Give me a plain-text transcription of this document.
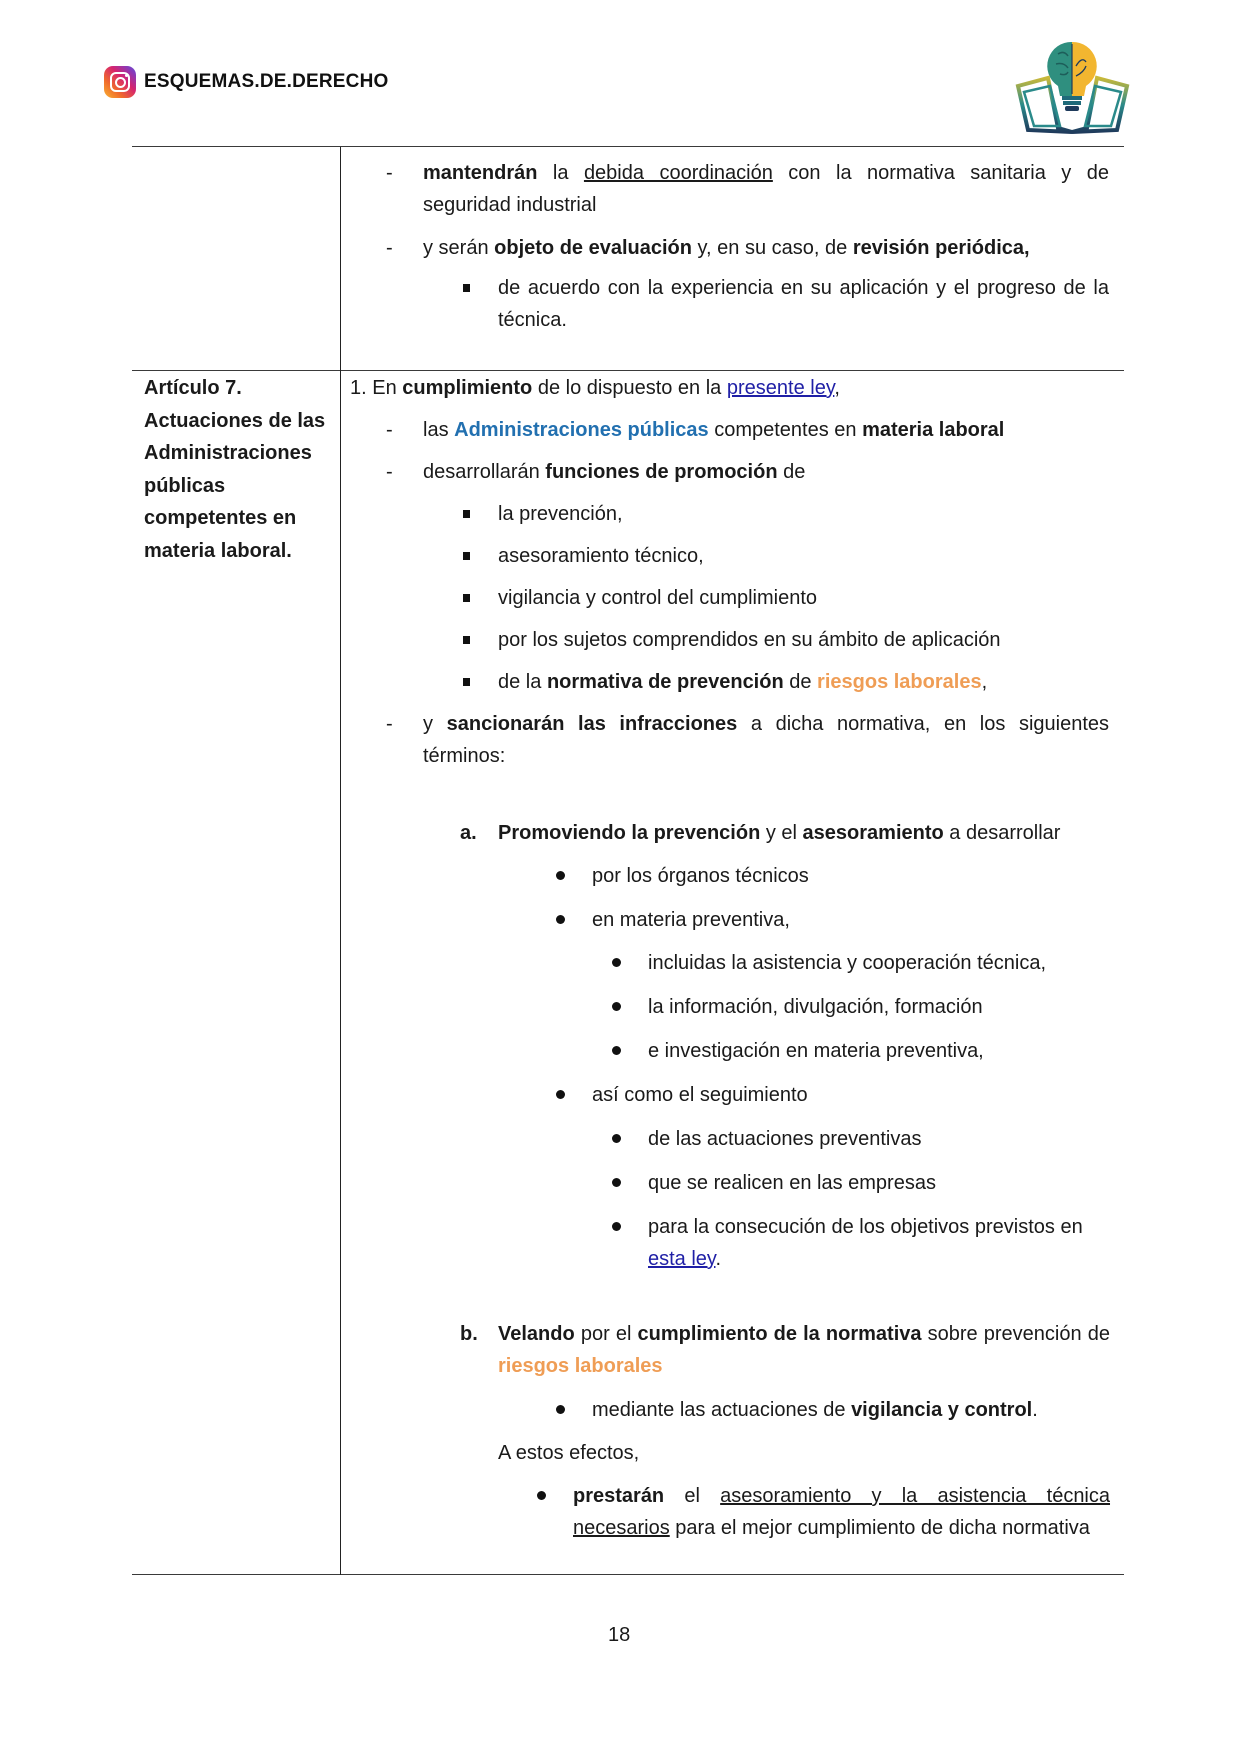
ESQUEMAS.DE.DERECHO
- mantendrán la debida coordinación con la normativa sanitaria y de seguridad industrial
- y serán objeto de evaluación y, en su caso, de revisión periódica,
de acuerdo con la experiencia en su aplicación y el progreso de la técnica.
Artículo 7.
Actuaciones de las
Administraciones
públicas
competentes en
materia laboral.
1. En cumplimiento de lo dispuesto en la presente ley,
- las Administraciones públicas competentes en materia laboral
- desarrollarán funciones de promoción de
la prevención,
asesoramiento técnico,
vigilancia y control del cumplimiento
por los sujetos comprendidos en su ámbito de aplicación
de la normativa de prevención de riesgos laborales,
- y sancionarán las infracciones a dicha normativa, en los siguientes términos:
a. Promoviendo la prevención y el asesoramiento a desarrollar
por los órganos técnicos
en materia preventiva,
incluidas la asistencia y cooperación técnica,
la información, divulgación, formación
e investigación en materia preventiva,
así como el seguimiento
de las actuaciones preventivas
que se realicen en las empresas
para la consecución de los objetivos previstos en esta ley.
b. Velando por el cumplimiento de la normativa sobre prevención de riesgos laborales
mediante las actuaciones de vigilancia y control.
A estos efectos,
prestarán el asesoramiento y la asistencia técnica necesarios para el mejor cumplimiento de dicha normativa
18
